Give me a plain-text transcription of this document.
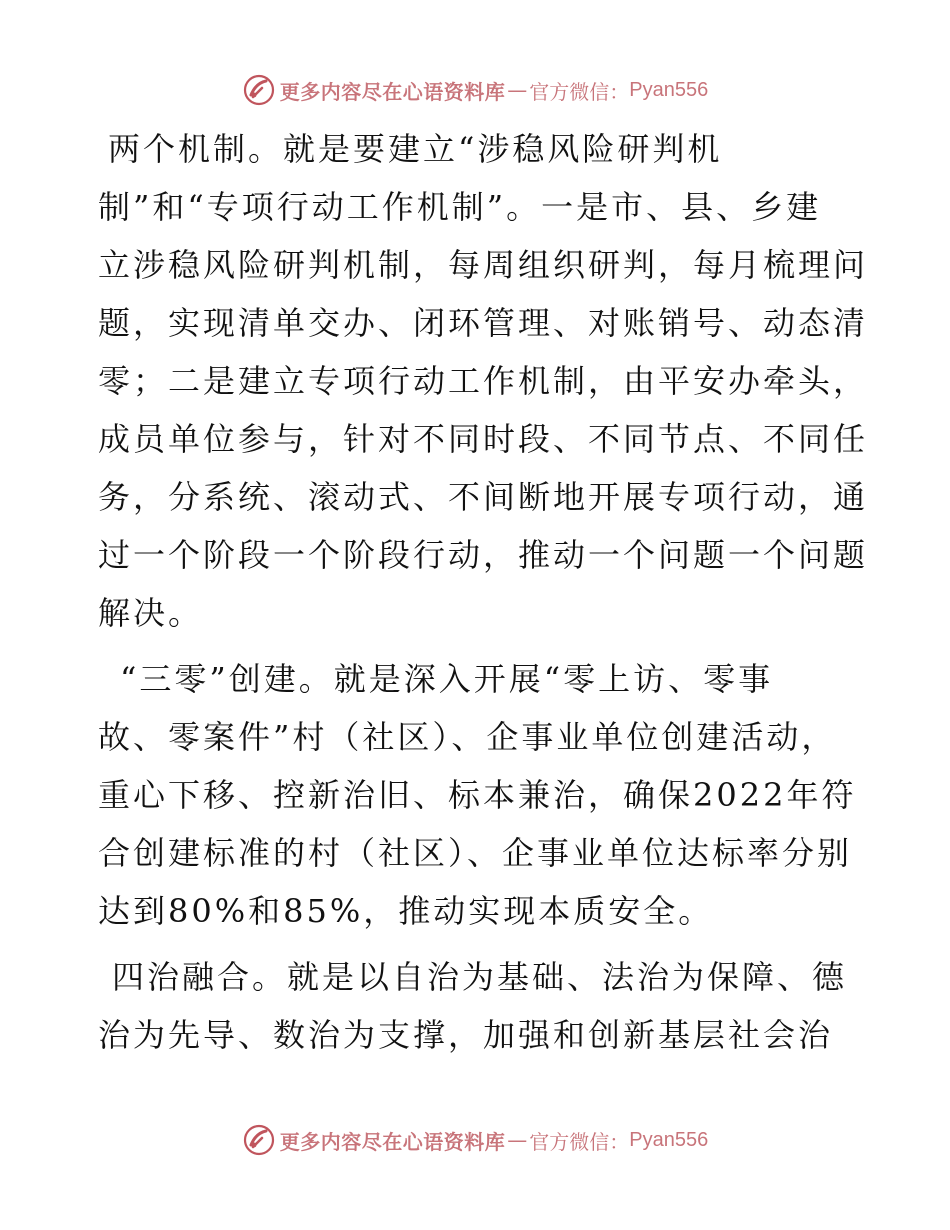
更多内容尽在心语资料库 — 官方微信： Pyan556
两个机制。就是要建立“涉稳风险研判机
制”和“专项行动工作机制”。一是市、县、乡建
立涉稳风险研判机制，每周组织研判，每月梳理问
题，实现清单交办、闭环管理、对账销号、动态清
零；二是建立专项行动工作机制，由平安办牵头，
成员单位参与，针对不同时段、不同节点、不同任
务，分系统、滚动式、不间断地开展专项行动，通
过一个阶段一个阶段行动，推动一个问题一个问题
解决。
“三零”创建。就是深入开展“零上访、零事
故、零案件”村（社区）、企事业单位创建活动，
重心下移、控新治旧、标本兼治，确保2022年符
合创建标准的村（社区）、企事业单位达标率分别
达到80%和85%，推动实现本质安全。
四治融合。就是以自治为基础、法治为保障、德
治为先导、数治为支撑，加强和创新基层社会治
更多内容尽在心语资料库 — 官方微信： Pyan556
